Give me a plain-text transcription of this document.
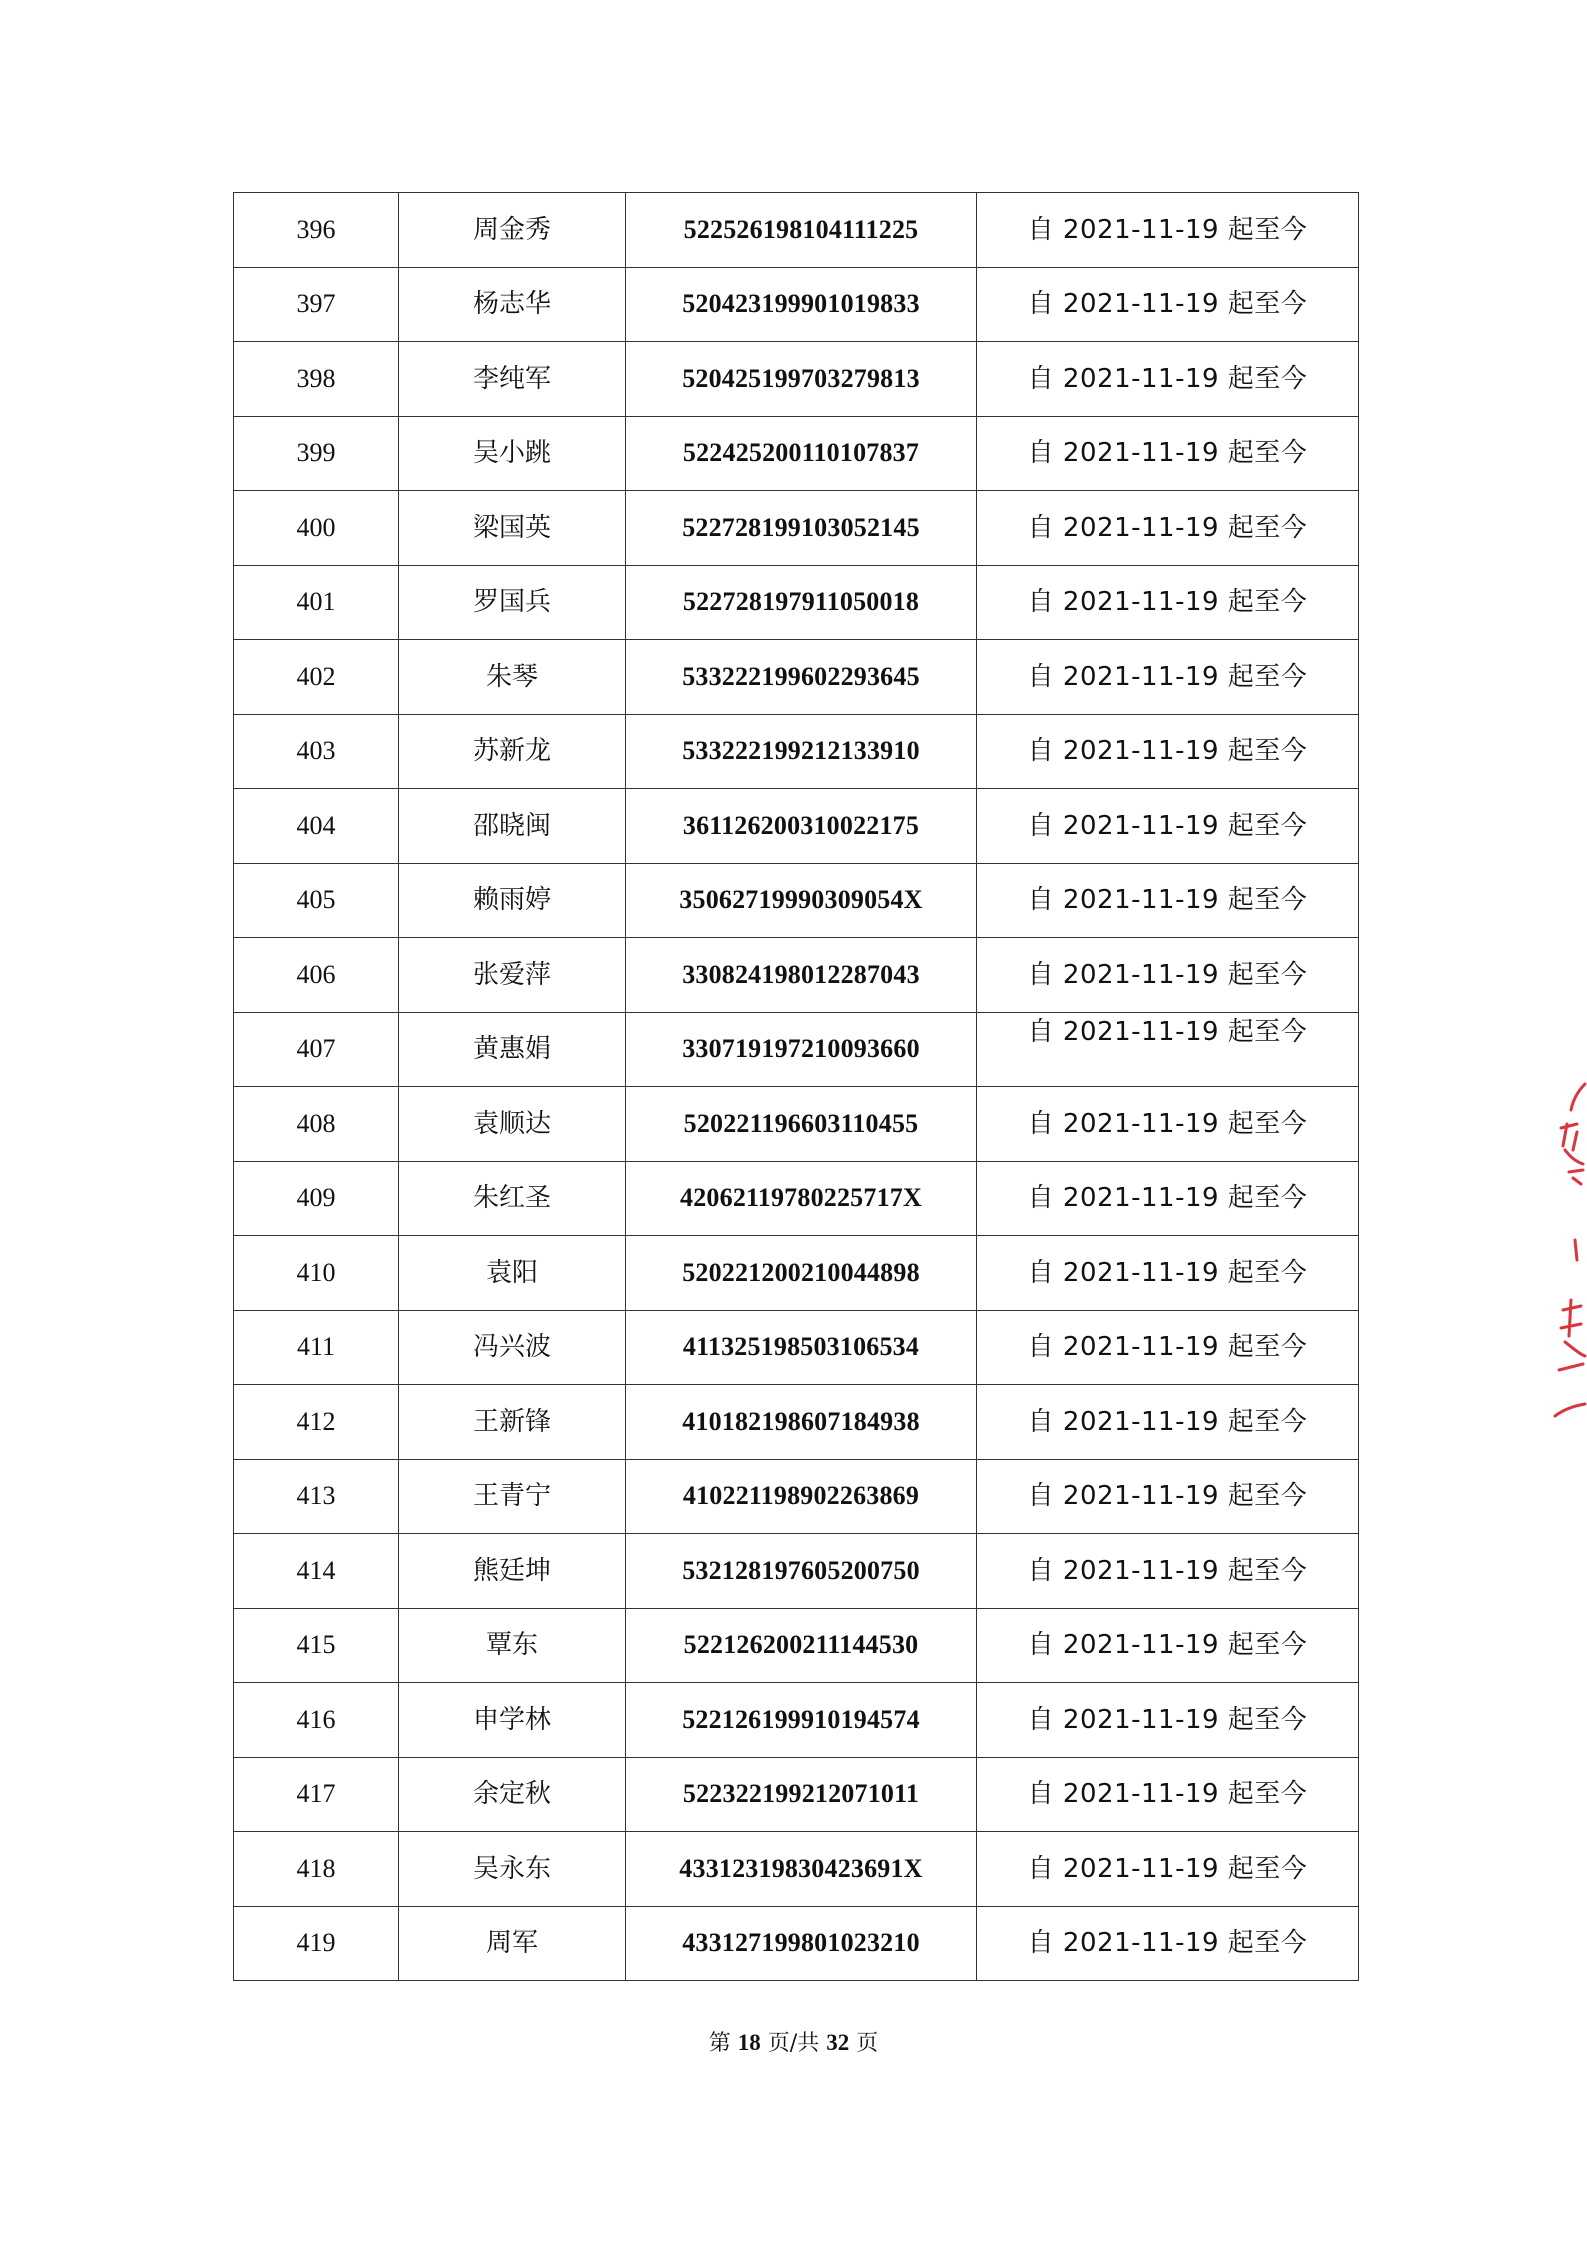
396	周金秀	522526198104111225	自 2021-11-19 起至今
397	杨志华	520423199901019833	自 2021-11-19 起至今
398	李纯军	520425199703279813	自 2021-11-19 起至今
399	吴小跳	522425200110107837	自 2021-11-19 起至今
400	梁国英	522728199103052145	自 2021-11-19 起至今
401	罗国兵	522728197911050018	自 2021-11-19 起至今
402	朱琴	533222199602293645	自 2021-11-19 起至今
403	苏新龙	533222199212133910	自 2021-11-19 起至今
404	邵晓闽	361126200310022175	自 2021-11-19 起至今
405	赖雨婷	35062719990309054X	自 2021-11-19 起至今
406	张爱萍	330824198012287043	自 2021-11-19 起至今
407	黄惠娟	330719197210093660	自 2021-11-19 起至今

408	袁顺达	520221196603110455	自 2021-11-19 起至今
409	朱红圣	42062119780225717X	自 2021-11-19 起至今
410	袁阳	520221200210044898	自 2021-11-19 起至今
411	冯兴波	411325198503106534	自 2021-11-19 起至今
412	王新锋	410182198607184938	自 2021-11-19 起至今
413	王青宁	410221198902263869	自 2021-11-19 起至今
414	熊廷坤	532128197605200750	自 2021-11-19 起至今
415	覃东	522126200211144530	自 2021-11-19 起至今
416	申学林	522126199910194574	自 2021-11-19 起至今
417	余定秋	522322199212071011	自 2021-11-19 起至今
418	吴永东	43312319830423691X	自 2021-11-19 起至今
419	周军	433127199801023210	自 2021-11-19 起至今
第 18 页/共 32 页
